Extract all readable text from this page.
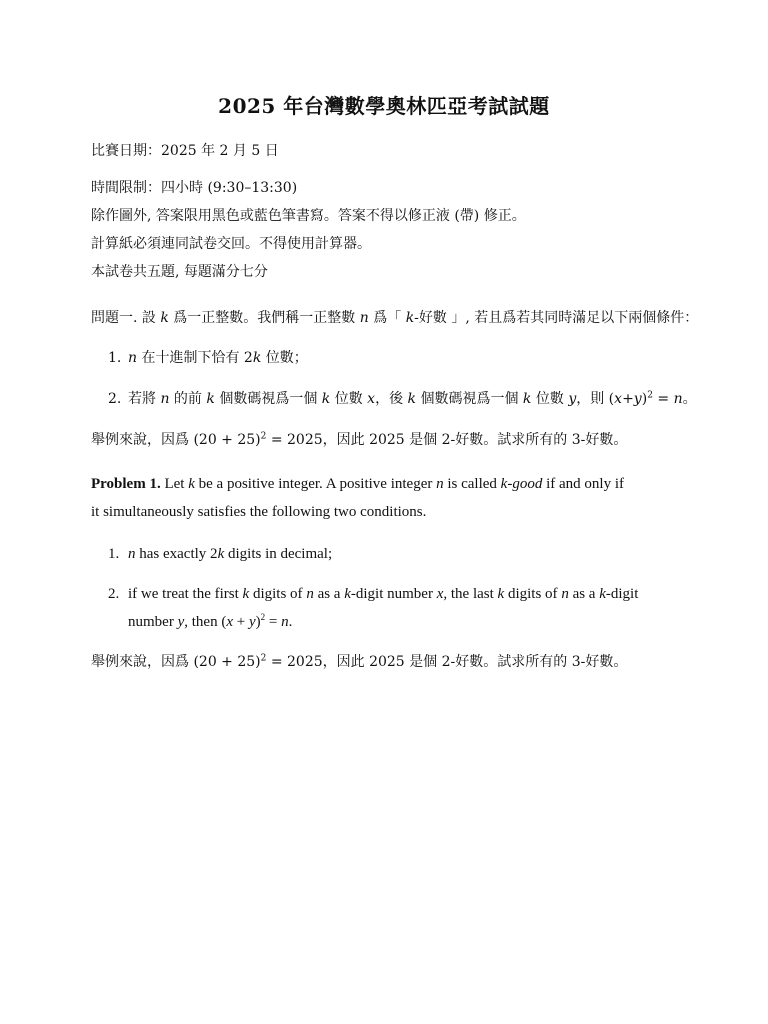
2025 年台灣數學奧林匹亞考試試題
比賽日期：2025 年 2 月 5 日
時間限制：四小時 (9:30–13:30)
除作圖外, 答案限用黑色或藍色筆書寫。答案不得以修正液 (帶) 修正。
計算紙必須連同試卷交回。不得使用計算器。
本試卷共五題, 每題滿分七分
問題一. 設 k 爲一正整數。我們稱一正整數 n 爲「 k-好數 」, 若且爲若其同時滿足以下兩個條件：
1. n 在十進制下恰有 2k 位數；
2. 若將 n 的前 k 個數碼視爲一個 k 位數 x，後 k 個數碼視爲一個 k 位數 y，則 $(x+y)^2 = n$。
舉例來說，因爲 $(20 + 25)^2 = 2025$，因此 2025 是個 2-好數。試求所有的 3-好數。
Problem 1. Let k be a positive integer. A positive integer n is called k-good if and only if
it simultaneously satisfies the following two conditions.
1. n has exactly 2k digits in decimal;
2. if we treat the first k digits of n as a k-digit number x, the last k digits of n as a k-digit
number y, then $(x + y)^2 = n$.
舉例來說，因爲 $(20 + 25)^2 = 2025$，因此 2025 是個 2-好數。試求所有的 3-好數。
